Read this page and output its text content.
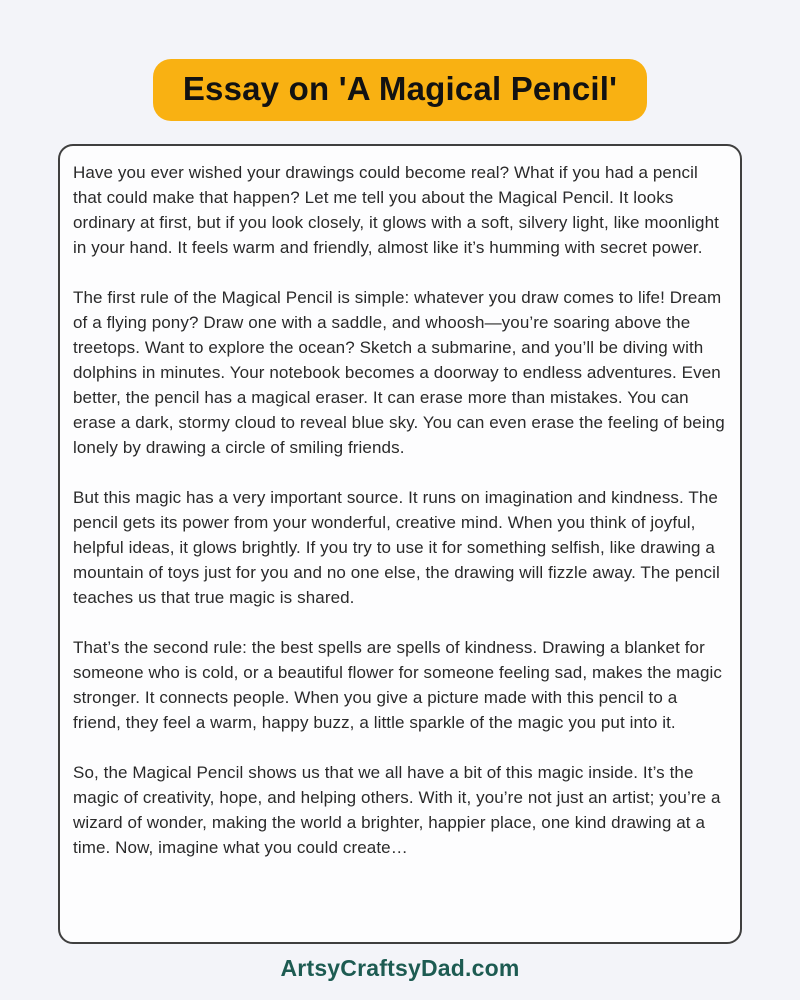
Essay on 'A Magical Pencil'

Have you ever wished your drawings could become real? What if you had a pencil that could make that happen? Let me tell you about the Magical Pencil. It looks ordinary at first, but if you look closely, it glows with a soft, silvery light, like moonlight in your hand. It feels warm and friendly, almost like it’s humming with secret power.

The first rule of the Magical Pencil is simple: whatever you draw comes to life! Dream of a flying pony? Draw one with a saddle, and whoosh—you’re soaring above the treetops. Want to explore the ocean? Sketch a submarine, and you’ll be diving with dolphins in minutes. Your notebook becomes a doorway to endless adventures. Even better, the pencil has a magical eraser. It can erase more than mistakes. You can erase a dark, stormy cloud to reveal blue sky. You can even erase the feeling of being lonely by drawing a circle of smiling friends.

But this magic has a very important source. It runs on imagination and kindness. The pencil gets its power from your wonderful, creative mind. When you think of joyful, helpful ideas, it glows brightly. If you try to use it for something selfish, like drawing a mountain of toys just for you and no one else, the drawing will fizzle away. The pencil teaches us that true magic is shared.

That’s the second rule: the best spells are spells of kindness. Drawing a blanket for someone who is cold, or a beautiful flower for someone feeling sad, makes the magic stronger. It connects people. When you give a picture made with this pencil to a friend, they feel a warm, happy buzz, a little sparkle of the magic you put into it.

So, the Magical Pencil shows us that we all have a bit of this magic inside. It’s the magic of creativity, hope, and helping others. With it, you’re not just an artist; you’re a wizard of wonder, making the world a brighter, happier place, one kind drawing at a time. Now, imagine what you could create…

ArtsyCraftsyDad.com
